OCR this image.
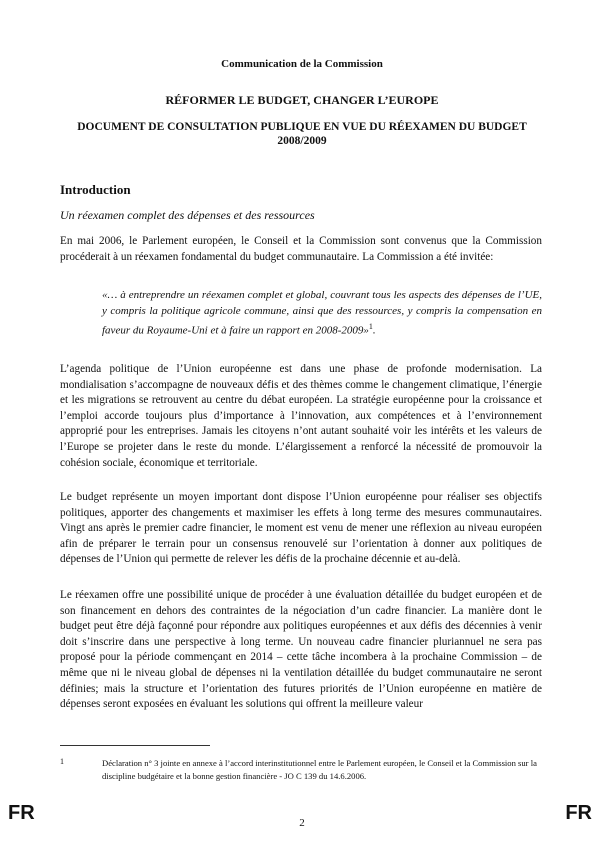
Communication de la Commission
RÉFORMER LE BUDGET, CHANGER L’EUROPE
DOCUMENT DE CONSULTATION PUBLIQUE EN VUE DU RÉEXAMEN DU BUDGET 2008/2009
Introduction
Un réexamen complet des dépenses et des ressources

En mai 2006, le Parlement européen, le Conseil et la Commission sont convenus que la Commission procéderait à un réexamen fondamental du budget communautaire. La Commission a été invitée:

«… à entreprendre un réexamen complet et global, couvrant tous les aspects des dépenses de l’UE, y compris la politique agricole commune, ainsi que des ressources, y compris la compensation en faveur du Royaume-Uni et à faire un rapport en 2008-2009»$^1$.

L’agenda politique de l’Union européenne est dans une phase de profonde modernisation. La mondialisation s’accompagne de nouveaux défis et des thèmes comme le changement climatique, l’énergie et les migrations se retrouvent au centre du débat européen. La stratégie européenne pour la croissance et l’emploi accorde toujours plus d’importance à l’innovation, aux compétences et à l’environnement approprié pour les entreprises. Jamais les citoyens n’ont autant souhaité voir les intérêts et les valeurs de l’Europe se projeter dans le reste du monde. L’élargissement a renforcé la nécessité de promouvoir la cohésion sociale, économique et territoriale.

Le budget représente un moyen important dont dispose l’Union européenne pour réaliser ses objectifs politiques, apporter des changements et maximiser les effets à long terme des mesures communautaires. Vingt ans après le premier cadre financier, le moment est venu de mener une réflexion au niveau européen afin de préparer le terrain pour un consensus renouvelé sur l’orientation à donner aux politiques de dépenses de l’Union qui permette de relever les défis de la prochaine décennie et au-delà.

Le réexamen offre une possibilité unique de procéder à une évaluation détaillée du budget européen et de son financement en dehors des contraintes de la négociation d’un cadre financier. La manière dont le budget peut être déjà façonné pour répondre aux politiques européennes et aux défis des décennies à venir doit s’inscrire dans une perspective à long terme. Un nouveau cadre financier pluriannuel ne sera pas proposé pour la période commençant en 2014 – cette tâche incombera à la prochaine Commission – de même que ni le niveau global de dépenses ni la ventilation détaillée du budget communautaire ne seront définies; mais la structure et l’orientation des futures priorités de l’Union européenne en matière de dépenses seront exposées en évaluant les solutions qui offrent la meilleure valeur

1	Déclaration n° 3 jointe en annexe à l’accord interinstitutionnel entre le Parlement européen, le Conseil et la Commission sur la discipline budgétaire et la bonne gestion financière - JO C 139 du 14.6.2006.

FR	2	FR
